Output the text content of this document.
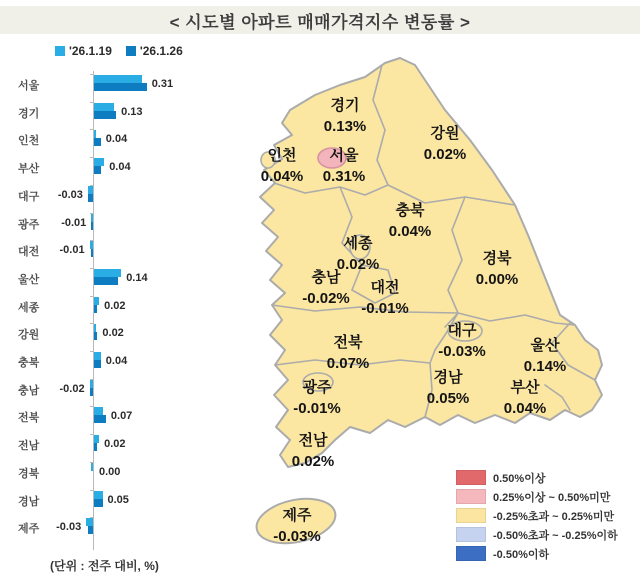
< 시도별 아파트 매매가격지수 변동률 >
'26.1.19 '26.1.26
서울	0.31
경기	0.13
인천	0.04
부산	0.04
대구 -0.03
광주 -0.01
대전 -0.01
울산	0.14
세종	0.02
강원	0.02
충북	0.04
충남 -0.02
전북	0.07
전남	0.02
경북	0.00
경남	0.05
제주 -0.03
(단위 : 전주 대비, %)
경기
0.13%	강원
0.02%
인천
0.04%
서울
0.31%
충북
0.04%
세종
0.02%	경북
0.00%
충남
-0.02%
대전
-0.01%
대구
-0.03%	울산
0.14%
전북
0.07%
경남
0.05%
부산
0.04%
광주
-0.01%
전남
0.02%
제주
-0.03%
0.50%이상
0.25%이상 ~ 0.50%미만
-0.25%초과 ~ 0.25%미만
-0.50%초과 ~ -0.25%이하
-0.50%이하
